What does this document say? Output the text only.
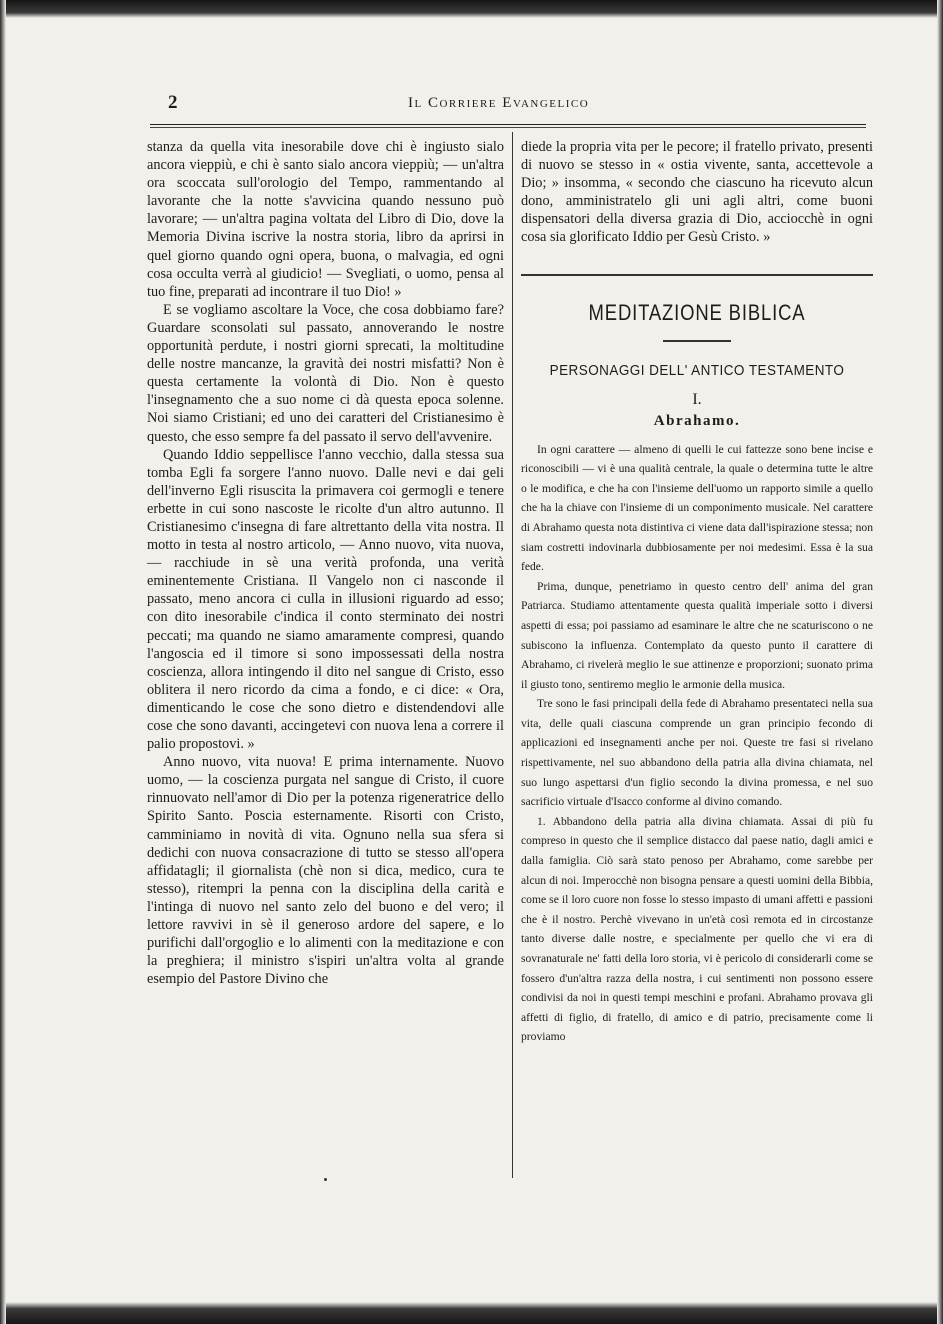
2	Il Corriere Evangelico

stanza da quella vita inesorabile dove chi è ingiusto sialo ancora vieppiù, e chi è santo sialo ancora vieppiù; — un'altra ora scoccata sull'orologio del Tempo, rammentando al lavorante che la notte s'avvicina quando nessuno può lavorare; — un'altra pagina voltata del Libro di Dio, dove la Memoria Divina iscrive la nostra storia, libro da aprirsi in quel giorno quando ogni opera, buona, o malvagia, ed ogni cosa occulta verrà al giudicio! — Svegliati, o uomo, pensa al tuo fine, preparati ad incontrare il tuo Dio! »

E se vogliamo ascoltare la Voce, che cosa dobbiamo fare? Guardare sconsolati sul passato, annoverando le nostre opportunità perdute, i nostri giorni sprecati, la moltitudine delle nostre mancanze, la gravità dei nostri misfatti? Non è questa certamente la volontà di Dio. Non è questo l'insegnamento che a suo nome ci dà questa epoca solenne. Noi siamo Cristiani; ed uno dei caratteri del Cristianesimo è questo, che esso sempre fa del passato il servo dell'avvenire.

Quando Iddio seppellisce l'anno vecchio, dalla stessa sua tomba Egli fa sorgere l'anno nuovo. Dalle nevi e dai geli dell'inverno Egli risuscita la primavera coi germogli e tenere erbette in cui sono nascoste le ricolte d'un altro autunno. Il Cristianesimo c'insegna di fare altrettanto della vita nostra. Il motto in testa al nostro articolo, — Anno nuovo, vita nuova, — racchiude in sè una verità profonda, una verità eminentemente Cristiana. Il Vangelo non ci nasconde il passato, meno ancora ci culla in illusioni riguardo ad esso; con dito inesorabile c'indica il conto sterminato dei nostri peccati; ma quando ne siamo amaramente compresi, quando l'angoscia ed il timore si sono impossessati della nostra coscienza, allora intingendo il dito nel sangue di Cristo, esso oblitera il nero ricordo da cima a fondo, e ci dice: « Ora, dimenticando le cose che sono dietro e distendendovi alle cose che sono davanti, accingetevi con nuova lena a correre il palio propostovi. »

Anno nuovo, vita nuova! E prima internamente. Nuovo uomo, — la coscienza purgata nel sangue di Cristo, il cuore rinnuovato nell'amor di Dio per la potenza rigeneratrice dello Spirito Santo. Poscia esternamente. Risorti con Cristo, camminiamo in novità di vita. Ognuno nella sua sfera si dedichi con nuova consacrazione di tutto se stesso all'opera affidatagli; il giornalista (chè non si dica, medico, cura te stesso), ritempri la penna con la disciplina della carità e l'intinga di nuovo nel santo zelo del buono e del vero; il lettore ravvivi in sè il generoso ardore del sapere, e lo purifichi dall'orgoglio e lo alimenti con la meditazione e con la preghiera; il ministro s'ispiri un'altra volta al grande esempio del Pastore Divino che

diede la propria vita per le pecore; il fratello privato, presenti di nuovo se stesso in « ostia vivente, santa, accettevole a Dio; » insomma, « secondo che ciascuno ha ricevuto alcun dono, amministratelo gli uni agli altri, come buoni dispensatori della diversa grazia di Dio, acciocchè in ogni cosa sia glorificato Iddio per Gesù Cristo. »

MEDITAZIONE BIBLICA
PERSONAGGI DELL' ANTICO TESTAMENTO
I.
Abrahamo.

In ogni carattere — almeno di quelli le cui fattezze sono bene incise e riconoscibili — vi è una qualità centrale, la quale o determina tutte le altre o le modifica, e che ha con l'insieme dell'uomo un rapporto simile a quello che ha la chiave con l'insieme di un componimento musicale. Nel carattere di Abrahamo questa nota distintiva ci viene data dall'ispirazione stessa; non siam costretti indovinarla dubbiosamente per noi medesimi. Essa è la sua fede.

Prima, dunque, penetriamo in questo centro dell' anima del gran Patriarca. Studiamo attentamente questa qualità imperiale sotto i diversi aspetti di essa; poi passiamo ad esaminare le altre che ne scaturiscono o ne subiscono la influenza. Contemplato da questo punto il carattere di Abrahamo, ci rivelerà meglio le sue attinenze e proporzioni; suonato prima il giusto tono, sentiremo meglio le armonie della musica.

Tre sono le fasi principali della fede di Abrahamo presentateci nella sua vita, delle quali ciascuna comprende un gran principio fecondo di applicazioni ed insegnamenti anche per noi. Queste tre fasi si rivelano rispettivamente, nel suo abbandono della patria alla divina chiamata, nel suo lungo aspettarsi d'un figlio secondo la divina promessa, e nel suo sacrificio virtuale d'Isacco conforme al divino comando.

1. Abbandono della patria alla divina chiamata. Assai di più fu compreso in questo che il semplice distacco dal paese natio, dagli amici e dalla famiglia. Ciò sarà stato penoso per Abrahamo, come sarebbe per alcun di noi. Imperocchè non bisogna pensare a questi uomini della Bibbia, come se il loro cuore non fosse lo stesso impasto di umani affetti e passioni che è il nostro. Perchè vivevano in un'età così remota ed in circostanze tanto diverse dalle nostre, e specialmente per quello che vi era di sovranaturale ne' fatti della loro storia, vi è pericolo di considerarli come se fossero d'un'altra razza della nostra, i cui sentimenti non possono essere condivisi da noi in questi tempi meschini e profani. Abrahamo provava gli affetti di figlio, di fratello, di amico e di patrio, precisamente come li proviamo
